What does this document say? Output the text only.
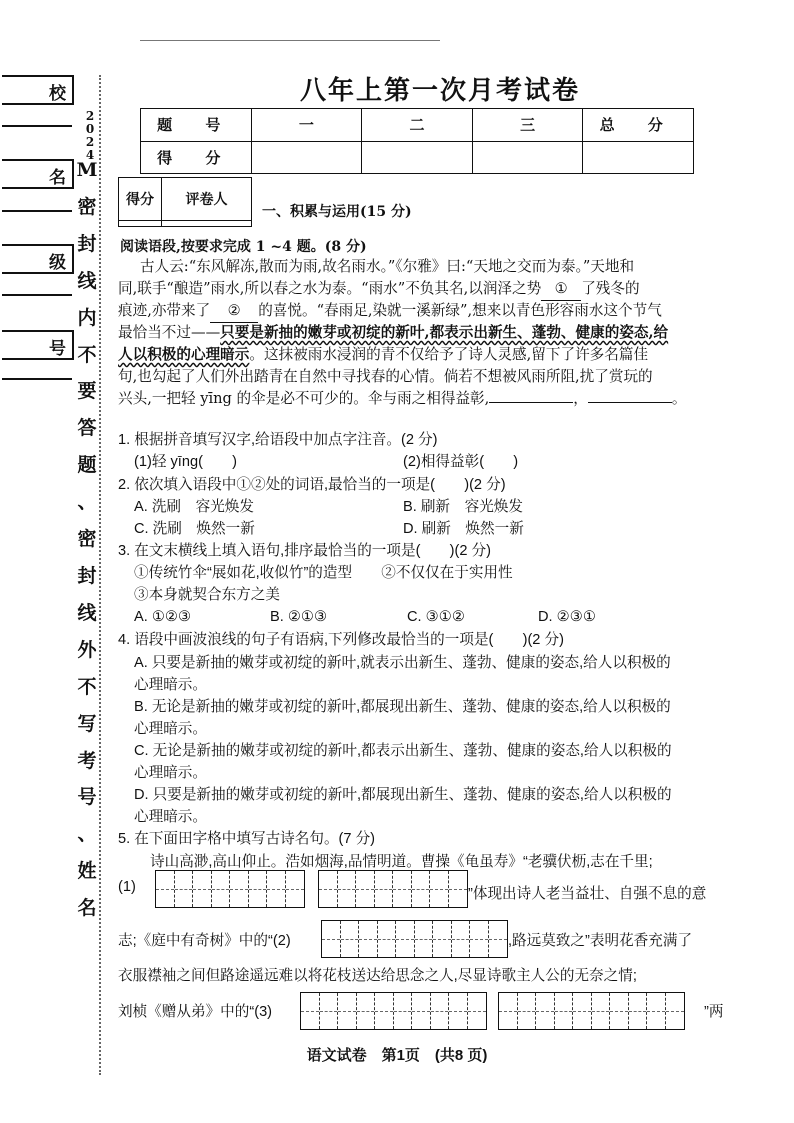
校
名
级
号
2
0
2
4
M
密
封
线
内
不
要
答
题
、
密
封
线
外
不
写
考
号
、
姓
名
八年上第一次月考试卷
题 号	一	二	三	总 分
得 分				
得分	评卷人

一、积累与运用(15 分)
阅读语段,按要求完成 1 ~4 题。(8 分)
古人云:“东风解冻,散而为雨,故名雨水。”《尔雅》曰:“天地之交而为泰。”天地和
同,联手“酿造”雨水,所以春之水为泰。“雨水”不负其名,以润泽之势 ① 了残冬的
痕迹,亦带来了 ② 的喜悦。“春雨足,染就一溪新绿”,想来以青色形容雨水这个节气
最恰当不过——只要是新抽的嫩芽或初绽的新叶,都表示出新生、蓬勃、健康的姿态,给
人以积极的心理暗示。这抹被雨水浸润的青不仅给予了诗人灵感,留下了许多名篇佳
句,也勾起了人们外出踏青在自然中寻找春的心情。倘若不想被风雨所阻,扰了赏玩的
兴头,一把轻 yīng 的伞是必不可少的。伞与雨之相得益彰,	，	。
1. 根据拼音填写汉字,给语段中加点字注音。(2 分)
(1)轻 yīng(　　)	(2)相得益彰(　　)
2. 依次填入语段中①②处的词语,最恰当的一项是(　　)(2 分)
A. 洗刷　容光焕发	B. 刷新　容光焕发
C. 洗刷　焕然一新	D. 刷新　焕然一新
3. 在文末横线上填入语句,排序最恰当的一项是(　　)(2 分)
①传统竹伞“展如花,收似竹”的造型　　②不仅仅在于实用性
③本身就契合东方之美
A. ①②③	B. ②①③	C. ③①②	D. ②③①
4. 语段中画波浪线的句子有语病,下列修改最恰当的一项是(　　)(2 分)
A. 只要是新抽的嫩芽或初绽的新叶,就表示出新生、蓬勃、健康的姿态,给人以积极的
心理暗示。
B. 无论是新抽的嫩芽或初绽的新叶,都展现出新生、蓬勃、健康的姿态,给人以积极的
心理暗示。
C. 无论是新抽的嫩芽或初绽的新叶,都表示出新生、蓬勃、健康的姿态,给人以积极的
心理暗示。
D. 只要是新抽的嫩芽或初绽的新叶,都展现出新生、蓬勃、健康的姿态,给人以积极的
心理暗示。
5. 在下面田字格中填写古诗名句。(7 分)
诗山高渺,高山仰止。浩如烟海,品情明道。曹操《龟虽寿》“老骥伏枥,志在千里;
(1)	”体现出诗人老当益壮、自强不息的意
志;《庭中有奇树》中的“(2)	,路远莫致之”表明花香充满了
衣服襟袖之间但路途遥远难以将花枝送达给思念之人,尽显诗歌主人公的无奈之情;
刘桢《赠从弟》中的“(3)	”两
语文试卷　第1页　(共8 页)
